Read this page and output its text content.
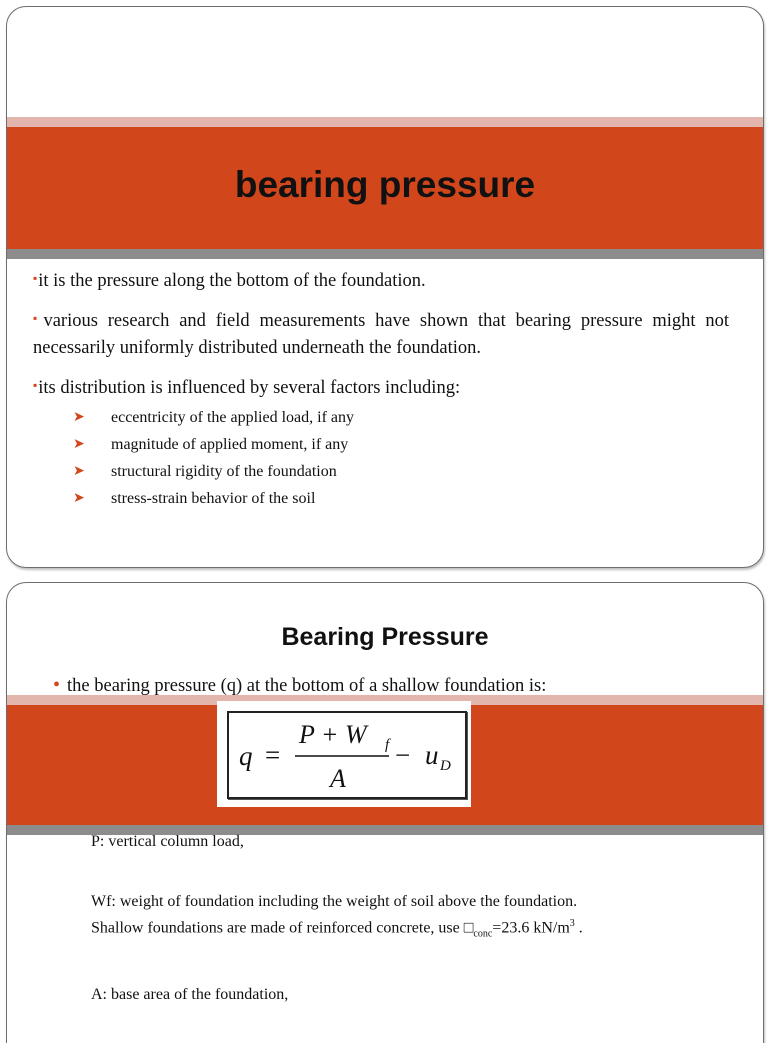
bearing pressure

▪it is the pressure along the bottom of the foundation.

▪various research and field measurements have shown that bearing pressure might not necessarily uniformly distributed underneath the foundation.

▪its distribution is influenced by several factors including:

➤ eccentricity of the applied load, if any
➤ magnitude of applied moment, if any
➤ structural rigidity of the foundation
➤ stress-strain behavior of the soil
Bearing Pressure
• the bearing pressure (q) at the bottom of a shallow foundation is:
q =
P + W f
A
− u D

P: vertical column load,

Wf: weight of foundation including the weight of soil above the foundation.

Shallow foundations are made of reinforced concrete, use $□_{conc}=23.6$ $kN/m^3$ .

A: base area of the foundation,
